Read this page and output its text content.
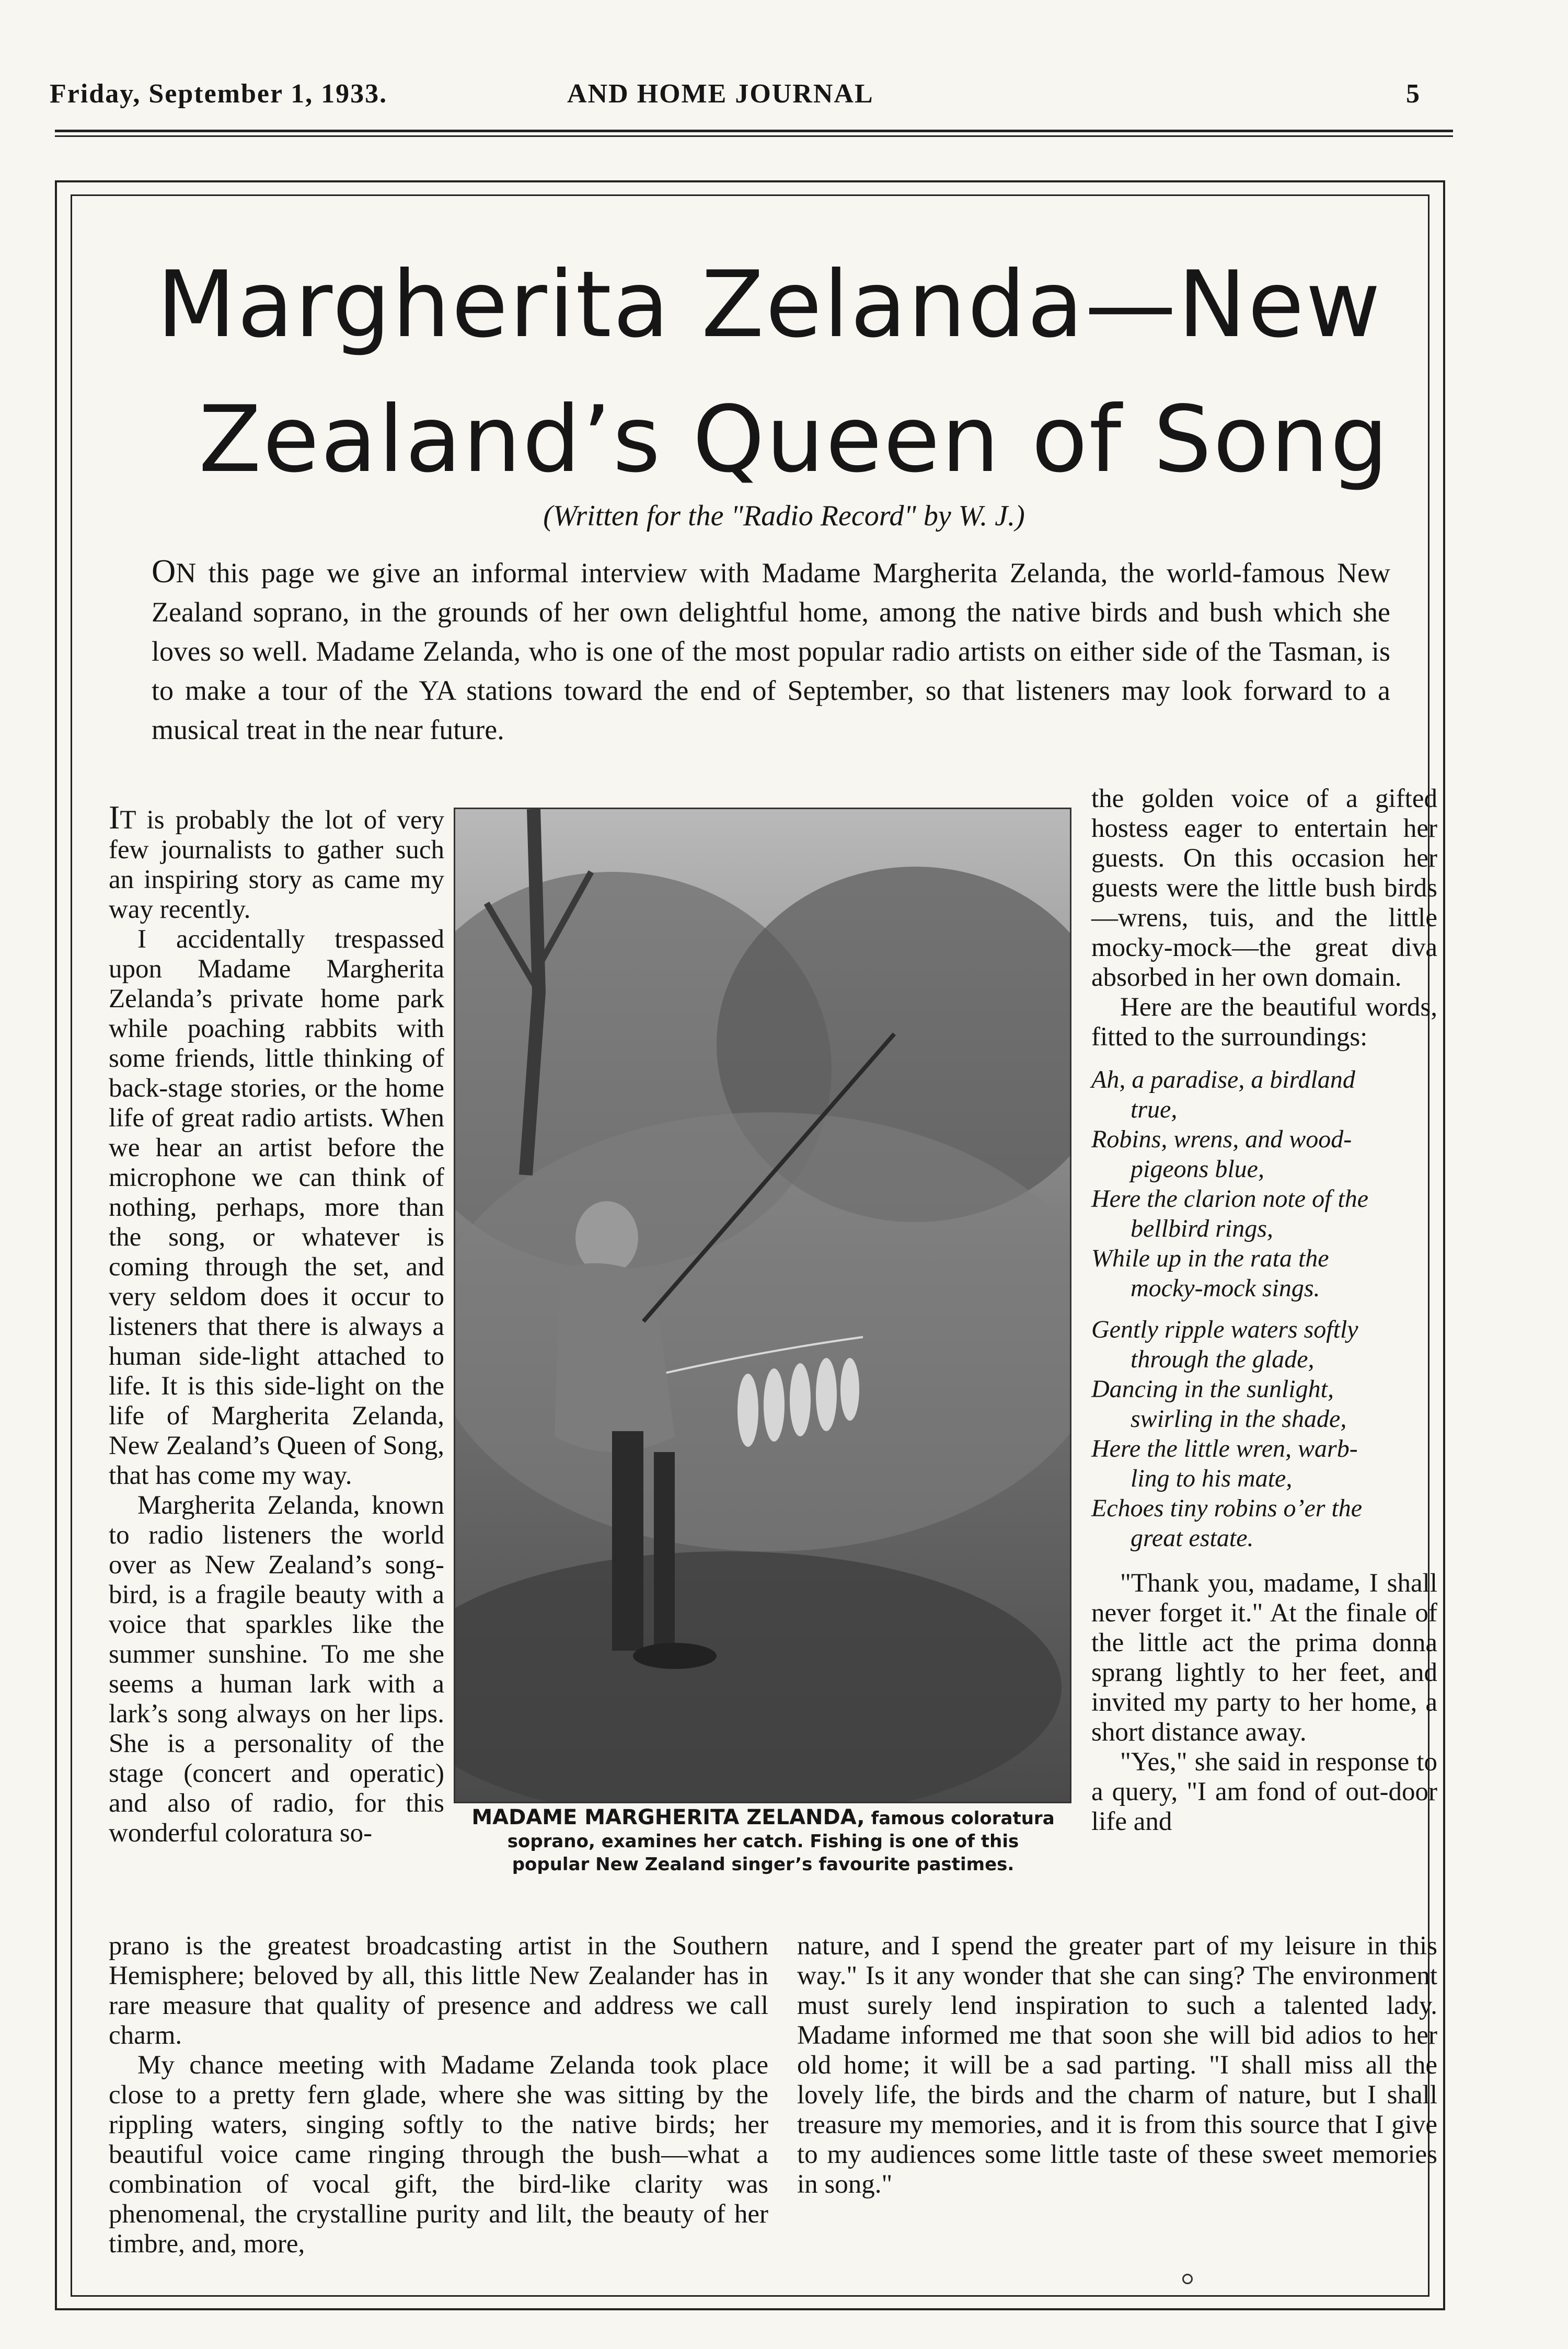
Friday, September 1, 1933.	AND HOME JOURNAL	5
Margherita Zelanda—New
Zealand’s Queen of Song
(Written for the "Radio Record" by W. J.)
ON this page we give an informal interview with Madame Margherita Zelanda, the world-famous New Zealand soprano, in the grounds of her own delightful home, among the native birds and bush which she loves so well. Madame Zelanda, who is one of the most popular radio artists on either side of the Tasman, is to make a tour of the YA stations toward the end of September, so that listeners may look forward to a musical treat in the near future.

IT is probably the lot of very few journalists to gather such an inspiring story as came my way recently.

I accidentally trespassed upon Madame Margherita Zelanda’s private home park while poaching rabbits with some friends, little thinking of back-stage stories, or the home life of great radio artists. When we hear an artist before the microphone we can think of nothing, perhaps, more than the song, or whatever is coming through the set, and very seldom does it occur to listeners that there is always a human side-light attached to life. It is this side-light on the life of Margherita Zelanda, New Zealand’s Queen of Song, that has come my way.

Margherita Zelanda, known to radio listeners the world over as New Zealand’s song-bird, is a fragile beauty with a voice that sparkles like the summer sunshine. To me she seems a human lark with a lark’s song always on her lips. She is a personality of the stage (concert and operatic) and also of radio, for this wonderful coloratura so-

MADAME MARGHERITA ZELANDA, famous coloratura soprano, examines her catch. Fishing is one of this popular New Zealand singer’s favourite pastimes.

the golden voice of a gifted hostess eager to entertain her guests. On this occasion her guests were the little bush birds—wrens, tuis, and the little mocky-mock—the great diva absorbed in her own domain.

Here are the beautiful words, fitted to the surroundings:

Ah, a paradise, a birdland
true,
Robins, wrens, and wood-
pigeons blue,
Here the clarion note of the
bellbird rings,
While up in the rata the
mocky-mock sings.
Gently ripple waters softly
through the glade,
Dancing in the sunlight,
swirling in the shade,
Here the little wren, warb-
ling to his mate,
Echoes tiny robins o’er the
great estate.

"Thank you, madame, I shall never forget it." At the finale of the little act the prima donna sprang lightly to her feet, and invited my party to her home, a short distance away.

"Yes," she said in response to a query, "I am fond of out-door life and

prano is the greatest broadcasting artist in the Southern Hemisphere; beloved by all, this little New Zealander has in rare measure that quality of presence and address we call charm.

My chance meeting with Madame Zelanda took place close to a pretty fern glade, where she was sitting by the rippling waters, singing softly to the native birds; her beautiful voice came ringing through the bush—what a combination of vocal gift, the bird-like clarity was phenomenal, the crystalline purity and lilt, the beauty of her timbre, and, more,

nature, and I spend the greater part of my leisure in this way." Is it any wonder that she can sing? The environment must surely lend inspiration to such a talented lady. Madame informed me that soon she will bid adios to her old home; it will be a sad parting. "I shall miss all the lovely life, the birds and the charm of nature, but I shall treasure my memories, and it is from this source that I give to my audiences some little taste of these sweet memories in song."
